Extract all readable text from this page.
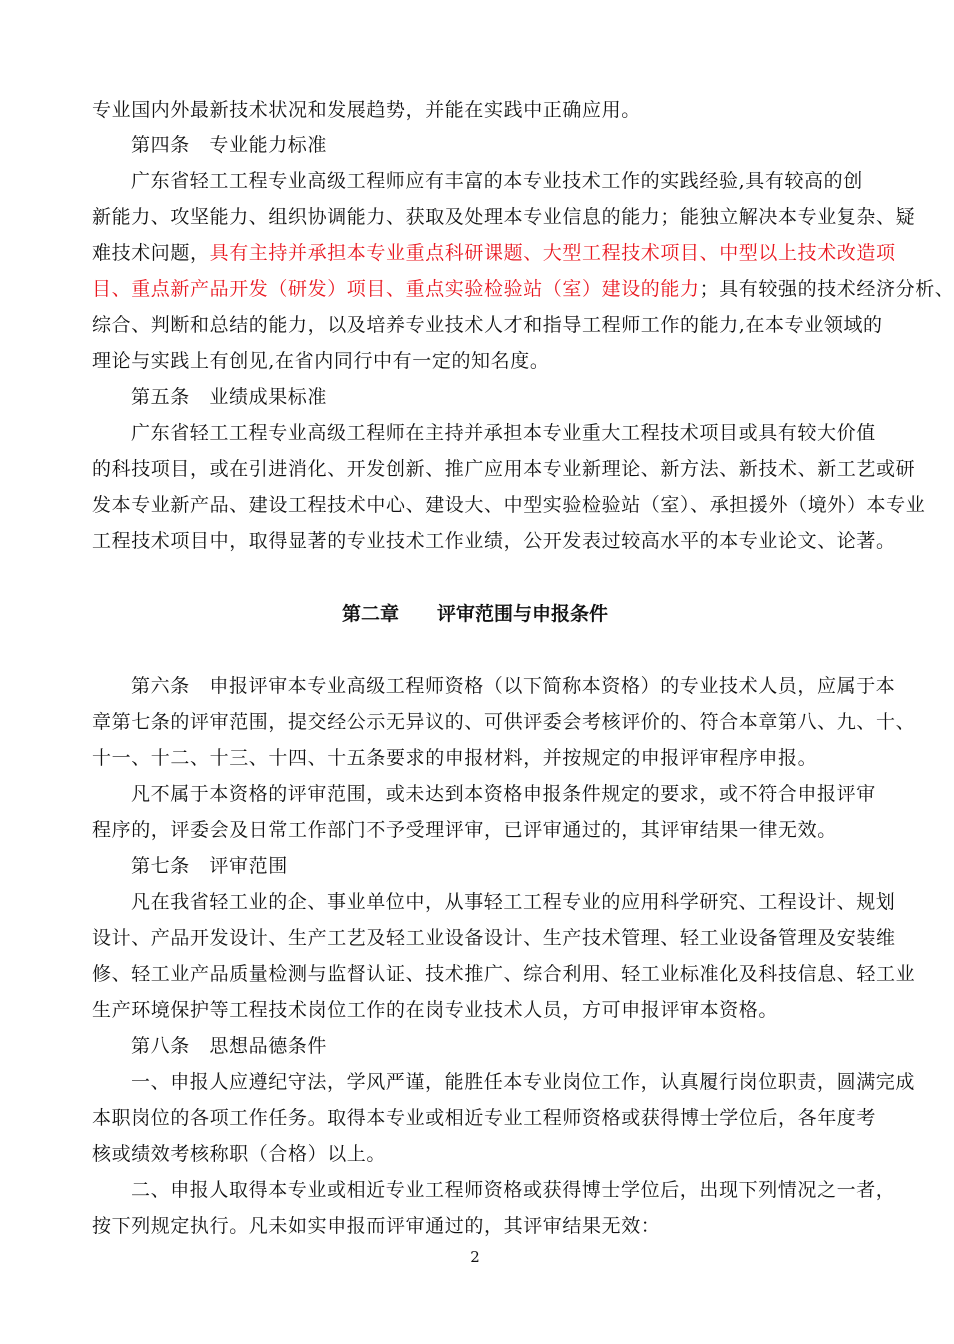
专业国内外最新技术状况和发展趋势，并能在实践中正确应用。
第四条　专业能力标准
广东省轻工工程专业高级工程师应有丰富的本专业技术工作的实践经验,具有较高的创
新能力、攻坚能力、组织协调能力、获取及处理本专业信息的能力；能独立解决本专业复杂、疑
难技术问题，具有主持并承担本专业重点科研课题、大型工程技术项目、中型以上技术改造项
目、重点新产品开发（研发）项目、重点实验检验站（室）建设的能力；具有较强的技术经济分析、
综合、判断和总结的能力，以及培养专业技术人才和指导工程师工作的能力,在本专业领域的
理论与实践上有创见,在省内同行中有一定的知名度。
第五条　业绩成果标准
广东省轻工工程专业高级工程师在主持并承担本专业重大工程技术项目或具有较大价值
的科技项目，或在引进消化、开发创新、推广应用本专业新理论、新方法、新技术、新工艺或研
发本专业新产品、建设工程技术中心、建设大、中型实验检验站（室）、承担援外（境外）本专业
工程技术项目中，取得显著的专业技术工作业绩，公开发表过较高水平的本专业论文、论著。
第二章　　评审范围与申报条件
第六条　申报评审本专业高级工程师资格（以下简称本资格）的专业技术人员，应属于本
章第七条的评审范围，提交经公示无异议的、可供评委会考核评价的、符合本章第八、九、十、
十一、十二、十三、十四、十五条要求的申报材料，并按规定的申报评审程序申报。
凡不属于本资格的评审范围，或未达到本资格申报条件规定的要求，或不符合申报评审
程序的，评委会及日常工作部门不予受理评审，已评审通过的，其评审结果一律无效。
第七条　评审范围
凡在我省轻工业的企、事业单位中，从事轻工工程专业的应用科学研究、工程设计、规划
设计、产品开发设计、生产工艺及轻工业设备设计、生产技术管理、轻工业设备管理及安装维
修、轻工业产品质量检测与监督认证、技术推广、综合利用、轻工业标准化及科技信息、轻工业
生产环境保护等工程技术岗位工作的在岗专业技术人员，方可申报评审本资格。
第八条　思想品德条件
一、申报人应遵纪守法，学风严谨，能胜任本专业岗位工作，认真履行岗位职责，圆满完成
本职岗位的各项工作任务。取得本专业或相近专业工程师资格或获得博士学位后，各年度考
核或绩效考核称职（合格）以上。
二、申报人取得本专业或相近专业工程师资格或获得博士学位后，出现下列情况之一者，
按下列规定执行。凡未如实申报而评审通过的，其评审结果无效：
2
